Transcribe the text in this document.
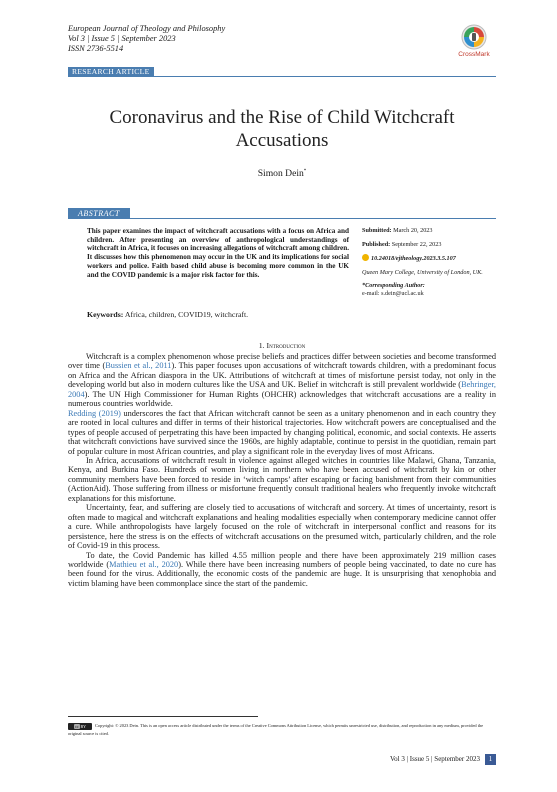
European Journal of Theology and Philosophy
Vol 3 | Issue 5 | September 2023
ISSN 2736-5514
CrossMark
RESEARCH ARTICLE
Coronavirus and the Rise of Child Witchcraft Accusations
Simon Dein*
ABSTRACT
This paper examines the impact of witchcraft accusations with a focus on Africa and children. After presenting an overview of anthropological understandings of witchcraft in Africa, it focuses on increasing allegations of witchcraft among children. It discusses how this phenomenon may occur in the UK and its implications for social workers and police. Faith based child abuse is becoming more common in the UK and the COVID pandemic is a major risk factor for this.
Keywords: Africa, children, COVID19, witchcraft.
Submitted: March 20, 2023
Published: September 22, 2023
10.24018/ejtheology.2023.3.5.107
Queen Mary College, University of London, UK.
*Corresponding Author:
e-mail: s.dein@ucl.ac.uk
1. Introduction

Witchcraft is a complex phenomenon whose precise beliefs and practices differ between societies and become transformed over time (Bussien et al., 2011). This paper focuses upon accusations of witchcraft towards children, with a predominant focus on Africa and the African diaspora in the UK. Attributions of witchcraft at times of misfortune persist today, not only in the developing world but also in modern cultures like the USA and UK. Belief in witchcraft is still prevalent worldwide (Behringer, 2004). The UN High Commissioner for Human Rights (OHCHR) acknowledges that witchcraft accusations are a reality in numerous countries worldwide.

Redding (2019) underscores the fact that African witchcraft cannot be seen as a unitary phenomenon and in each country they are rooted in local cultures and differ in terms of their historical trajectories. How witchcraft powers are conceptualised and the types of people accused of perpetrating this have been impacted by changing political, economic, and social contexts. He asserts that witchcraft convictions have survived since the 1960s, are highly adaptable, continue to persist in the quotidian, remain part of popular culture in most African countries, and play a significant role in the everyday lives of most Africans.

In Africa, accusations of witchcraft result in violence against alleged witches in countries like Malawi, Ghana, Tanzania, Kenya, and Burkina Faso. Hundreds of women living in northern who have been accused of witchcraft by kin or other community members have been forced to reside in ‘witch camps’ after escaping or facing banishment from their communities (ActionAid). Those suffering from illness or misfortune frequently consult traditional healers who frequently invoke witchcraft explanations for this misfortune.

Uncertainty, fear, and suffering are closely tied to accusations of witchcraft and sorcery. At times of uncertainty, resort is often made to magical and witchcraft explanations and healing modalities especially when contemporary medicine cannot offer a cure. While anthropologists have largely focused on the role of witchcraft in interpersonal conflict and reasons for its persistence, here the stress is on the effects of witchcraft accusations on the presumed witch, particularly children, and the role of Covid-19 in this process.

To date, the Covid Pandemic has killed 4.55 million people and there have been approximately 219 million cases worldwide (Mathieu et al., 2020). While there have been increasing numbers of people being vaccinated, to date no cure has been found for the virus. Additionally, the economic costs of the pandemic are huge. It is unsurprising that xenophobia and victim blaming have been commonplace since the start of the pandemic.

cc BY Copyright: © 2023 Dein. This is an open access article distributed under the terms of the Creative Commons Attribution License, which permits unrestricted use, distribution, and reproduction in any medium, provided the original source is cited.
Vol 3 | Issue 5 | September 2023	1
